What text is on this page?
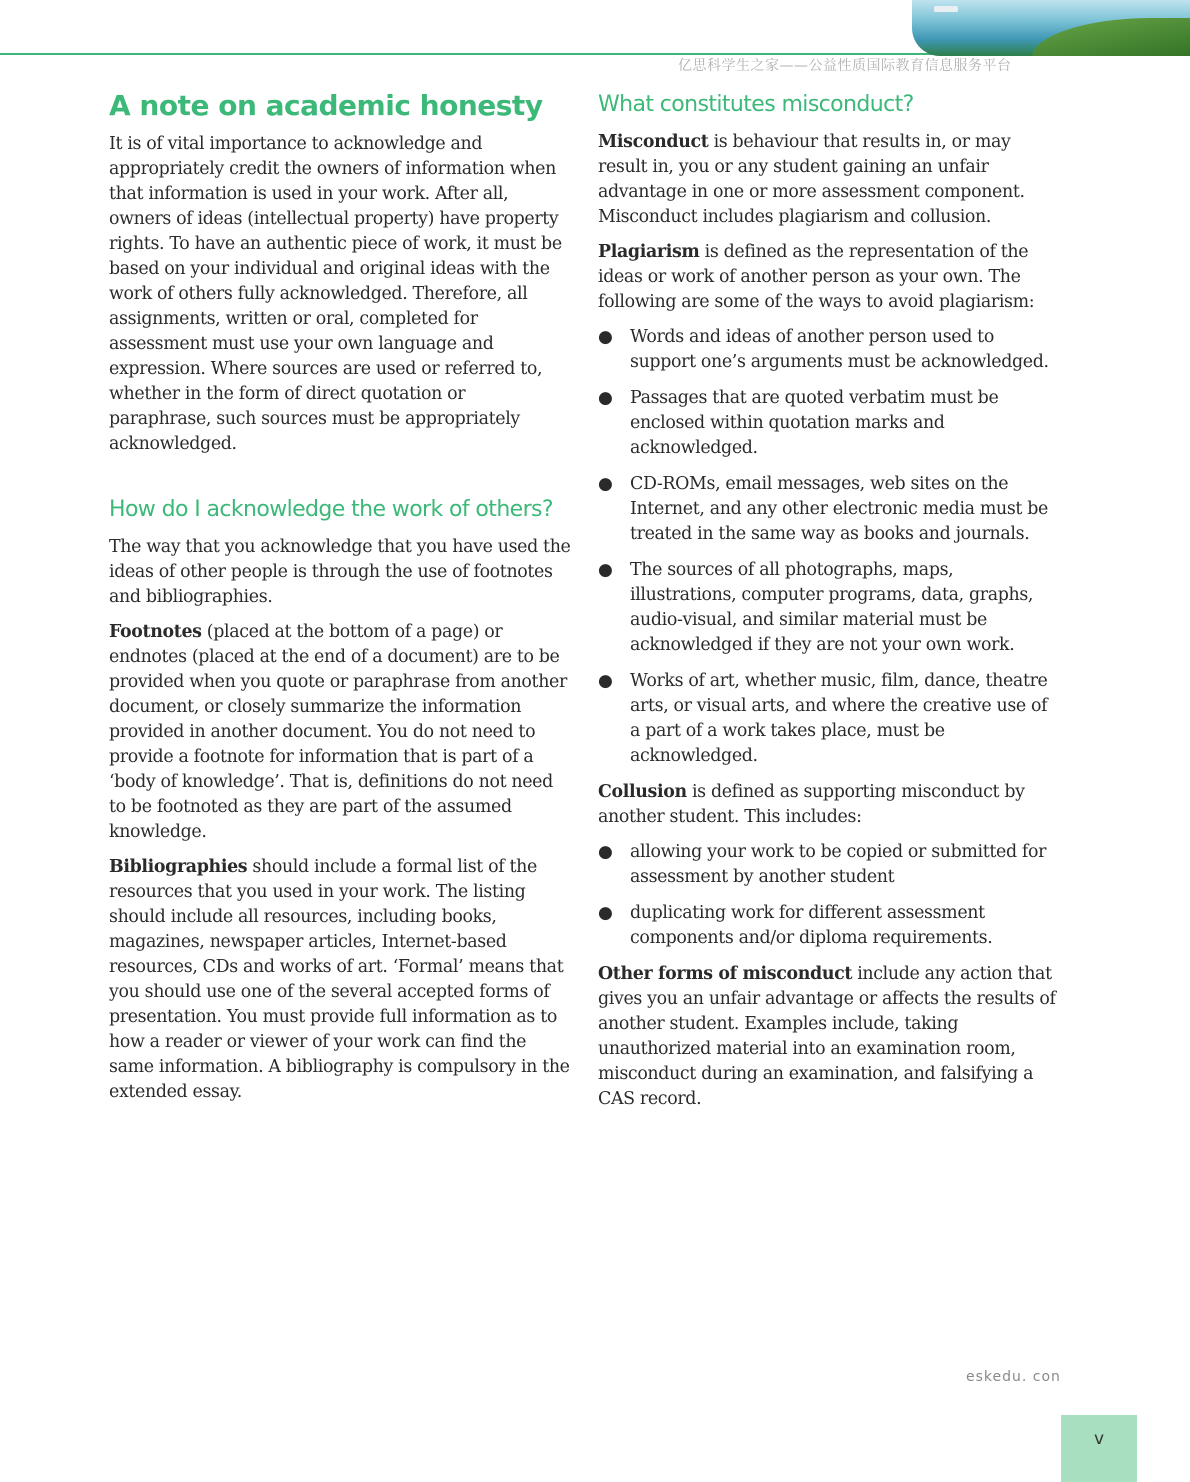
亿思科学生之家——公益性质国际教育信息服务平台
A note on academic honesty

It is of vital importance to acknowledge and appropriately credit the owners of information when that information is used in your work. After all, owners of ideas (intellectual property) have property rights. To have an authentic piece of work, it must be based on your individual and original ideas with the work of others fully acknowledged. Therefore, all assignments, written or oral, completed for assessment must use your own language and expression. Where sources are used or referred to, whether in the form of direct quotation or paraphrase, such sources must be appropriately acknowledged.

How do I acknowledge the work of others?

The way that you acknowledge that you have used the ideas of other people is through the use of footnotes and bibliographies.

Footnotes (placed at the bottom of a page) or endnotes (placed at the end of a document) are to be provided when you quote or paraphrase from another document, or closely summarize the information provided in another document. You do not need to provide a footnote for information that is part of a ‘body of knowledge’. That is, definitions do not need to be footnoted as they are part of the assumed knowledge.

Bibliographies should include a formal list of the resources that you used in your work. The listing should include all resources, including books, magazines, newspaper articles, Internet-based resources, CDs and works of art. ‘Formal’ means that you should use one of the several accepted forms of presentation. You must provide full information as to how a reader or viewer of your work can find the same information. A bibliography is compulsory in the extended essay.

What constitutes misconduct?

Misconduct is behaviour that results in, or may result in, you or any student gaining an unfair advantage in one or more assessment component. Misconduct includes plagiarism and collusion.

Plagiarism is defined as the representation of the ideas or work of another person as your own. The following are some of the ways to avoid plagiarism:

● Words and ideas of another person used to support one’s arguments must be acknowledged.
● Passages that are quoted verbatim must be enclosed within quotation marks and acknowledged.
● CD-ROMs, email messages, web sites on the Internet, and any other electronic media must be treated in the same way as books and journals.
● The sources of all photographs, maps, illustrations, computer programs, data, graphs, audio-visual, and similar material must be acknowledged if they are not your own work.
● Works of art, whether music, film, dance, theatre arts, or visual arts, and where the creative use of a part of a work takes place, must be acknowledged.

Collusion is defined as supporting misconduct by another student. This includes:

● allowing your work to be copied or submitted for assessment by another student
● duplicating work for different assessment components and/or diploma requirements.

Other forms of misconduct include any action that gives you an unfair advantage or affects the results of another student. Examples include, taking unauthorized material into an examination room, misconduct during an examination, and falsifying a CAS record.

eskedu. con
v
